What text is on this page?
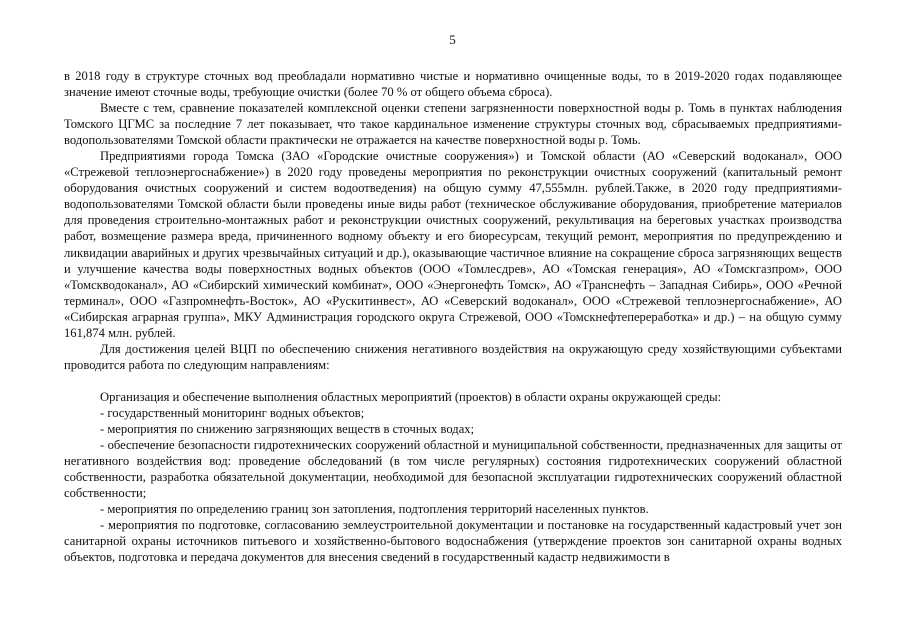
5

в 2018 году в структуре сточных вод преобладали нормативно чистые и нормативно очищенные воды, то в 2019-2020 годах подавляющее значение имеют сточные воды, требующие очистки (более 70 % от общего объема сброса).

Вместе с тем, сравнение показателей комплексной оценки степени загрязненности поверхностной воды р. Томь в пунктах наблюдения Томского ЦГМС за последние 7 лет показывает, что такое кардинальное изменение структуры сточных вод, сбрасываемых предприятиями-водопользователями Томской области практически не отражается на качестве поверхностной воды р. Томь.

Предприятиями города Томска (ЗАО «Городские очистные сооружения») и Томской области (АО «Северский водоканал», ООО «Стрежевой теплоэнергоснабжение») в 2020 году проведены мероприятия по реконструкции очистных сооружений (капитальный ремонт оборудования очистных сооружений и систем водоотведения) на общую сумму 47,555млн. рублей.Также, в 2020 году предприятиями-водопользователями Томской области были проведены иные виды работ (техническое обслуживание оборудования, приобретение материалов для проведения строительно-монтажных работ и реконструкции очистных сооружений, рекультивация на береговых участках производства работ, возмещение размера вреда, причиненного водному объекту и его биоресурсам, текущий ремонт, мероприятия по предупреждению и ликвидации аварийных и других чрезвычайных ситуаций и др.), оказывающие частичное влияние на сокращение сброса загрязняющих веществ и улучшение качества воды поверхностных водных объектов (ООО «Томлесдрев», АО «Томская генерация», АО «Томскгазпром», ООО «Томскводоканал», АО «Сибирский химический комбинат», ООО «Энергонефть Томск», АО «Транснефть – Западная Сибирь», ООО «Речной терминал», ООО «Газпромнефть-Восток», АО «Рускитинвест», АО «Северский водоканал», ООО «Стрежевой теплоэнергоснабжение», АО «Сибирская аграрная группа», МКУ Администрация городского округа Стрежевой, ООО «Томскнефтепереработка» и др.) – на общую сумму 161,874 млн. рублей.

Для достижения целей ВЦП по обеспечению снижения негативного воздействия на окружающую среду хозяйствующими субъектами проводится работа по следующим направлениям:

Организация и обеспечение выполнения областных мероприятий (проектов) в области охраны окружающей среды:

- государственный мониторинг водных объектов;

- мероприятия по снижению загрязняющих веществ в сточных водах;

- обеспечение безопасности гидротехнических сооружений областной и муниципальной собственности, предназначенных для защиты от негативного воздействия вод: проведение обследований (в том числе регулярных) состояния гидротехнических сооружений областной собственности, разработка обязательной документации, необходимой для безопасной эксплуатации гидротехнических сооружений областной собственности;

- мероприятия по определению границ зон затопления, подтопления территорий населенных пунктов.

- мероприятия по подготовке, согласованию землеустроительной документации и постановке на государственный кадастровый учет зон санитарной охраны источников питьевого и хозяйственно-бытового водоснабжения (утверждение проектов зон санитарной охраны водных объектов, подготовка и передача документов для внесения сведений в государственный кадастр недвижимости в
